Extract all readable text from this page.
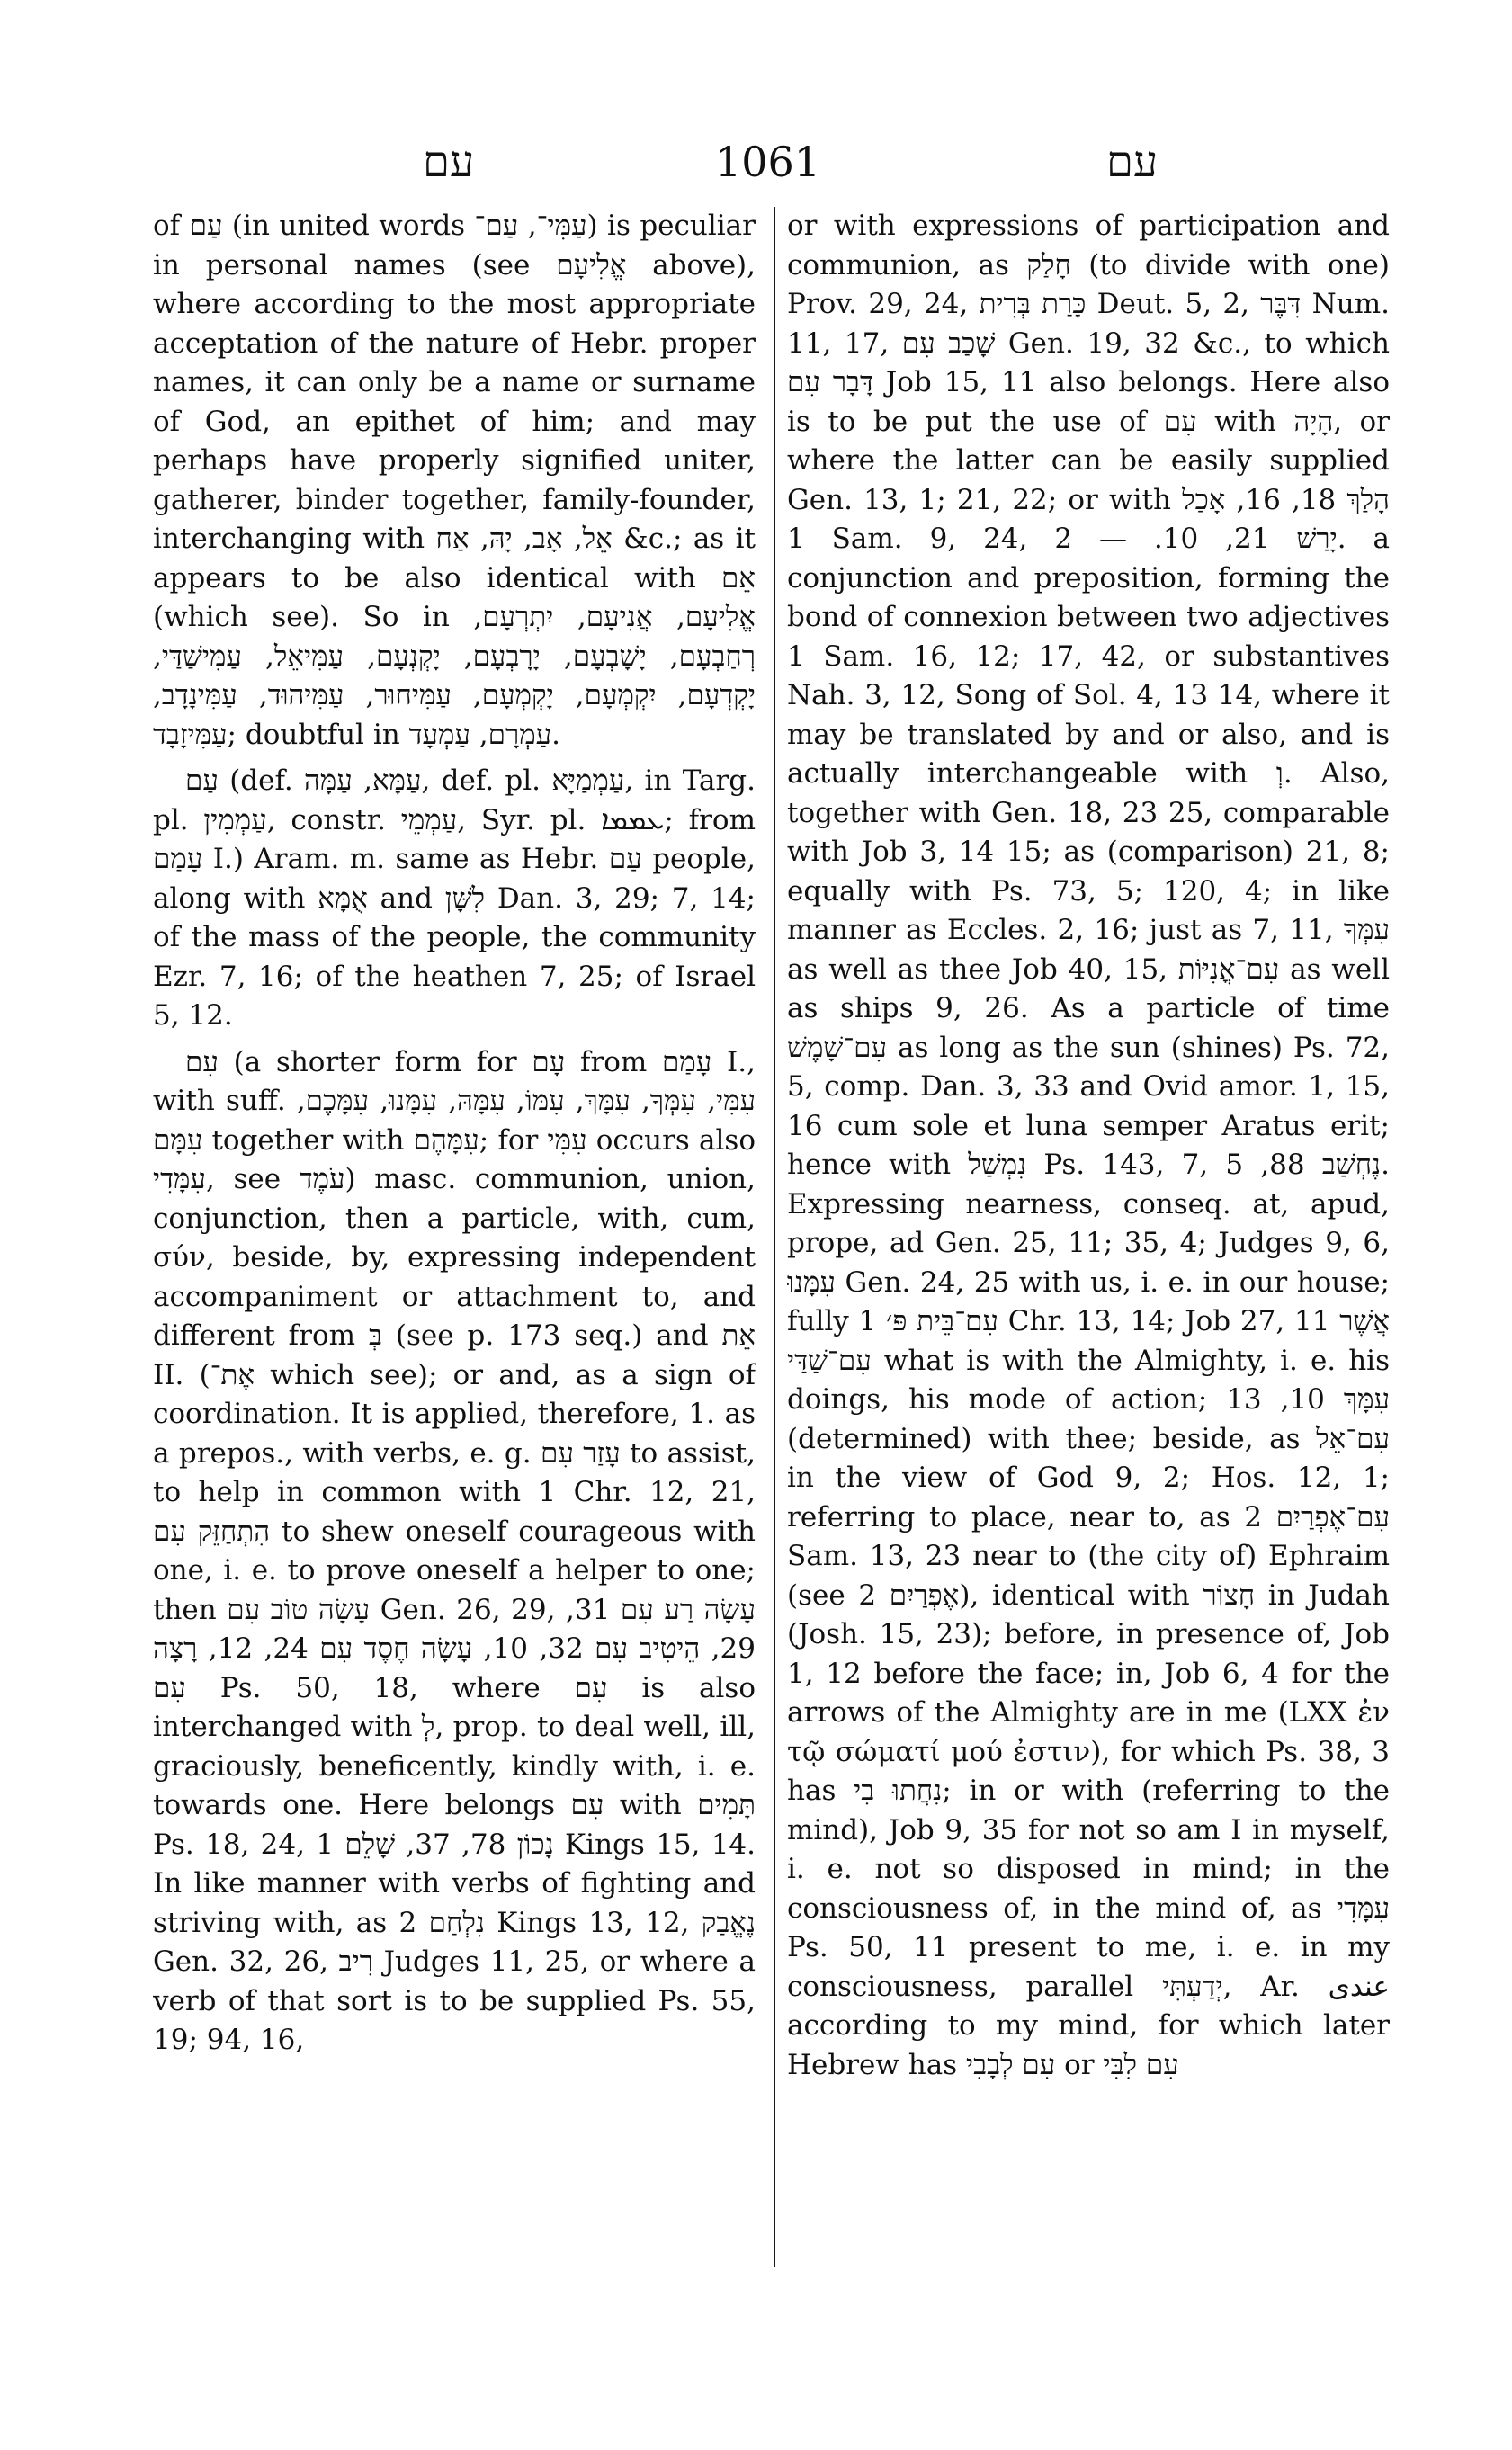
עם	1061	עם

of עַם (in united words עַמִּי־, עַם־) is peculiar in personal names (see אֱלִיעָם above), where according to the most appropriate acceptation of the nature of Hebr. proper names, it can only be a name or surname of God, an epithet of him; and may perhaps have properly signified uniter, gatherer, binder together, family-founder, interchanging with אֵל, אָב, יָהּ, אַח &c.; as it appears to be also identical with אֵם (which see). So in אֱלִיעָם, אֲנִיעָם, יִתְרְעָם, רְחַבְעָם, יָשָׁבְעָם, יָרָבְעָם, יָקְנְעָם, עַמִּיאֵל, עַמִּישַׁדַּי, יָקְדְעָם, יִקְמְעָם, יָקְמְעָם, עַמִּיחוּר, עַמִּיהוּד, עַמִּינָדָב, עַמִּיזָבָד; doubtful in עַמְרָם, עַמְעָד.

עַם (def. עַמָּא, עַמָּה, def. pl. עַמְמַיָּא, in Targ. pl. עַמְמִין, constr. עַמְמֵי, Syr. pl. ܥܡܡܐ; from עָמַם I.) Aram. m. same as Hebr. עַם people, along with אֻמָּא and לִשָּׁן Dan. 3, 29; 7, 14; of the mass of the people, the community Ezr. 7, 16; of the heathen 7, 25; of Israel 5, 12.

עִם (a shorter form for עָם from עָמַם I., with suff. עִמִּי, עִמְּךָ, עִמָּךְ, עִמּוֹ, עִמָּהּ, עִמָּנוּ, עִמָּכֶם, עִמָּם together with עִמָּהֶם; for עִמִּי occurs also עִמָּדִי, see עֹמֶד) masc. communion, union, conjunction, then a particle, with, cum, σύν, beside, by, expressing independent accompaniment or attachment to, and different from בְּ (see p. 173 seq.) and אֵת II. (אֶת־ which see); or and, as a sign of coordination. It is applied, therefore, 1. as a prepos., with verbs, e. g. עָזַר עִם to assist, to help in common with 1 Chr. 12, 21, הִתְחַזֵּק עִם to shew oneself courageous with one, i. e. to prove oneself a helper to one; then עָשָׂה טוֹב עִם Gen. 26, 29, עָשָׂה רַע עִם 31, 29, הֵיטִיב עִם 32, 10, עָשָׂה חֶסֶד עִם 24, 12, רָצָה עִם Ps. 50, 18, where עִם is also interchanged with לְ, prop. to deal well, ill, graciously, beneficently, kindly with, i. e. towards one. Here belongs עִם with תָּמִים Ps. 18, 24, נָכוֹן 78, 37, שָׁלֵם 1 Kings 15, 14. In like manner with verbs of fighting and striving with, as נִלְחַם 2 Kings 13, 12, נֶאֱבַק Gen. 32, 26, רִיב Judges 11, 25, or where a verb of that sort is to be supplied Ps. 55, 19; 94, 16,

or with expressions of participation and communion, as חָלַק (to divide with one) Prov. 29, 24, כָּרַת בְּרִית Deut. 5, 2, דִּבֶּר Num. 11, 17, שָׁכַב עִם Gen. 19, 32 &c., to which דָּבָר עִם Job 15, 11 also belongs. Here also is to be put the use of עִם with הָיָה, or where the latter can be easily supplied Gen. 13, 1; 21, 22; or with הָלַךְ 18, 16, אָכַל 1 Sam. 9, 24, יָרַשׁ 21, 10. — 2. a conjunction and preposition, forming the bond of connexion between two adjectives 1 Sam. 16, 12; 17, 42, or substantives Nah. 3, 12, Song of Sol. 4, 13 14, where it may be translated by and or also, and is actually interchangeable with וְ. Also, together with Gen. 18, 23 25, comparable with Job 3, 14 15; as (comparison) 21, 8; equally with Ps. 73, 5; 120, 4; in like manner as Eccles. 2, 16; just as 7, 11, עִמְּךָ as well as thee Job 40, 15, עִם־אֳנִיּוֹת as well as ships 9, 26. As a particle of time עִם־שָׁמֶשׁ as long as the sun (shines) Ps. 72, 5, comp. Dan. 3, 33 and Ovid amor. 1, 15, 16 cum sole et luna semper Aratus erit; hence with נִמְשַׁל Ps. 143, 7, נֶחְשַׁב 88, 5. Expressing nearness, conseq. at, apud, prope, ad Gen. 25, 11; 35, 4; Judges 9, 6, עִמָּנוּ Gen. 24, 25 with us, i. e. in our house; fully עִם־בֵּית פּ׳ 1 Chr. 13, 14; Job 27, 11 אֲשֶׁר עִם־שַׁדַּי what is with the Almighty, i. e. his doings, his mode of action; עִמָּךְ 10, 13 (determined) with thee; beside, as עִם־אֵל in the view of God 9, 2; Hos. 12, 1; referring to place, near to, as עִם־אֶפְרַיִם 2 Sam. 13, 23 near to (the city of) Ephraim (see אֶפְרַיִם 2), identical with חָצוֹר in Judah (Josh. 15, 23); before, in presence of, Job 1, 12 before the face; in, Job 6, 4 for the arrows of the Almighty are in me (LXX ἐν τῷ σώματί μού ἐστιν), for which Ps. 38, 3 has נִחֲתוּ בִי; in or with (referring to the mind), Job 9, 35 for not so am I in myself, i. e. not so disposed in mind; in the consciousness of, in the mind of, as עִמָּדִי Ps. 50, 11 present to me, i. e. in my consciousness, parallel יְדַעְתִּי, Ar. عندى according to my mind, for which later Hebrew has עִם לְבָבִי or עִם לִבִּי
